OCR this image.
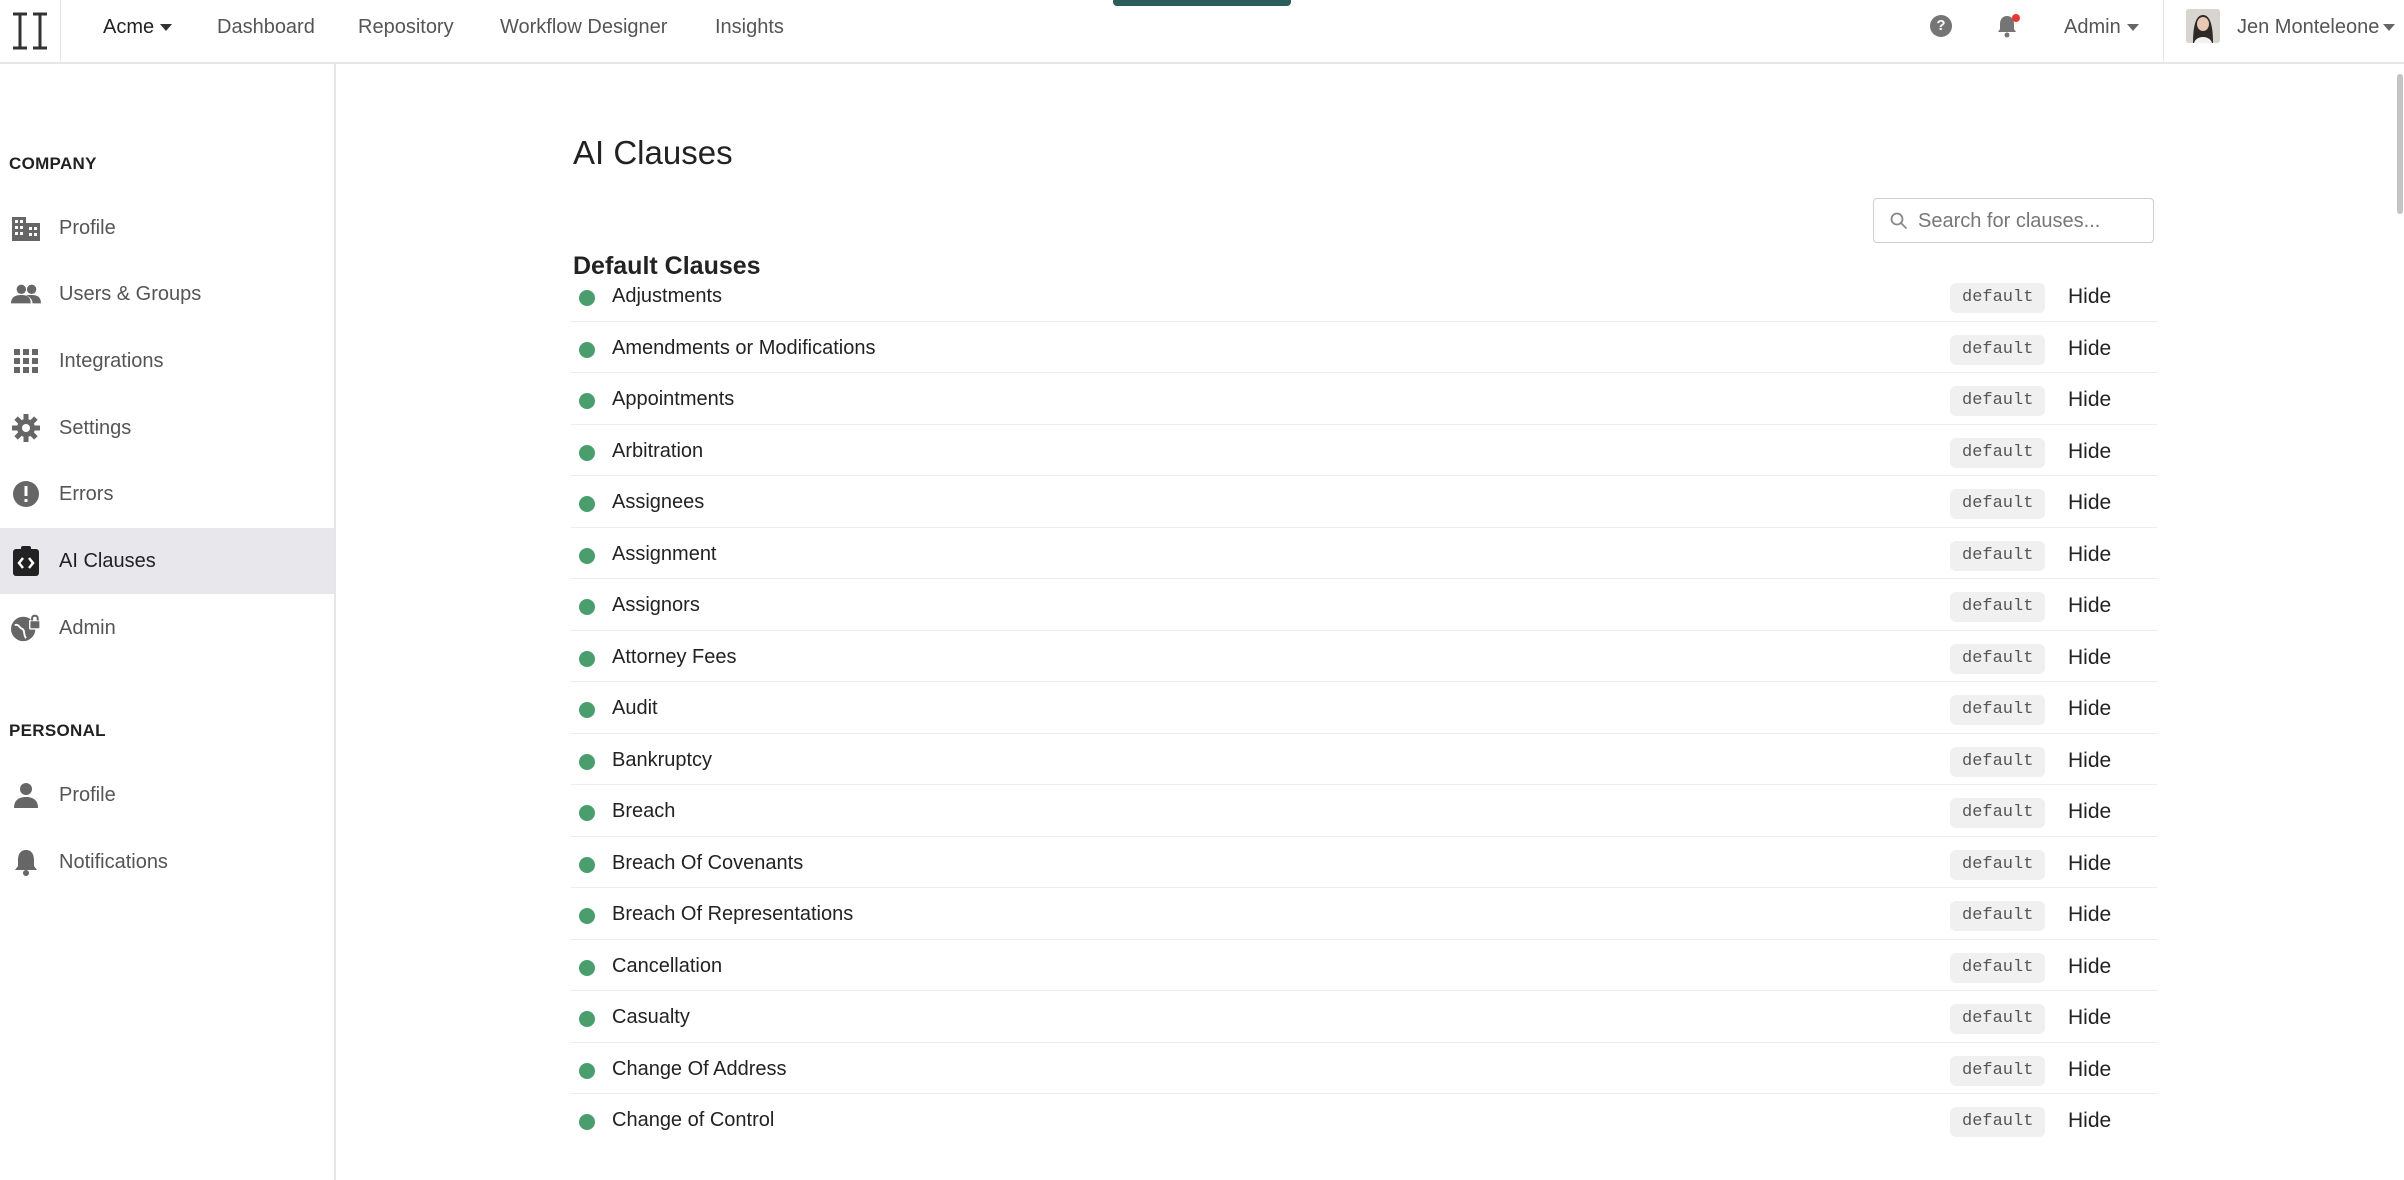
Acme	Dashboard Repository Workflow Designer Insights	?	Admin	Jen Monteleone
COMPANY
Profile
Users & Groups
Integrations
Settings
Errors
AI Clauses
Admin
PERSONAL
Profile
Notifications
AI Clauses
Search for clauses...
Default Clauses
Adjustments	default	Hide
Amendments or Modifications	default	Hide
Appointments	default	Hide
Arbitration	default	Hide
Assignees	default	Hide
Assignment	default	Hide
Assignors	default	Hide
Attorney Fees	default	Hide
Audit	default	Hide
Bankruptcy	default	Hide
Breach	default	Hide
Breach Of Covenants	default	Hide
Breach Of Representations	default	Hide
Cancellation	default	Hide
Casualty	default	Hide
Change Of Address	default	Hide
Change of Control	default	Hide
